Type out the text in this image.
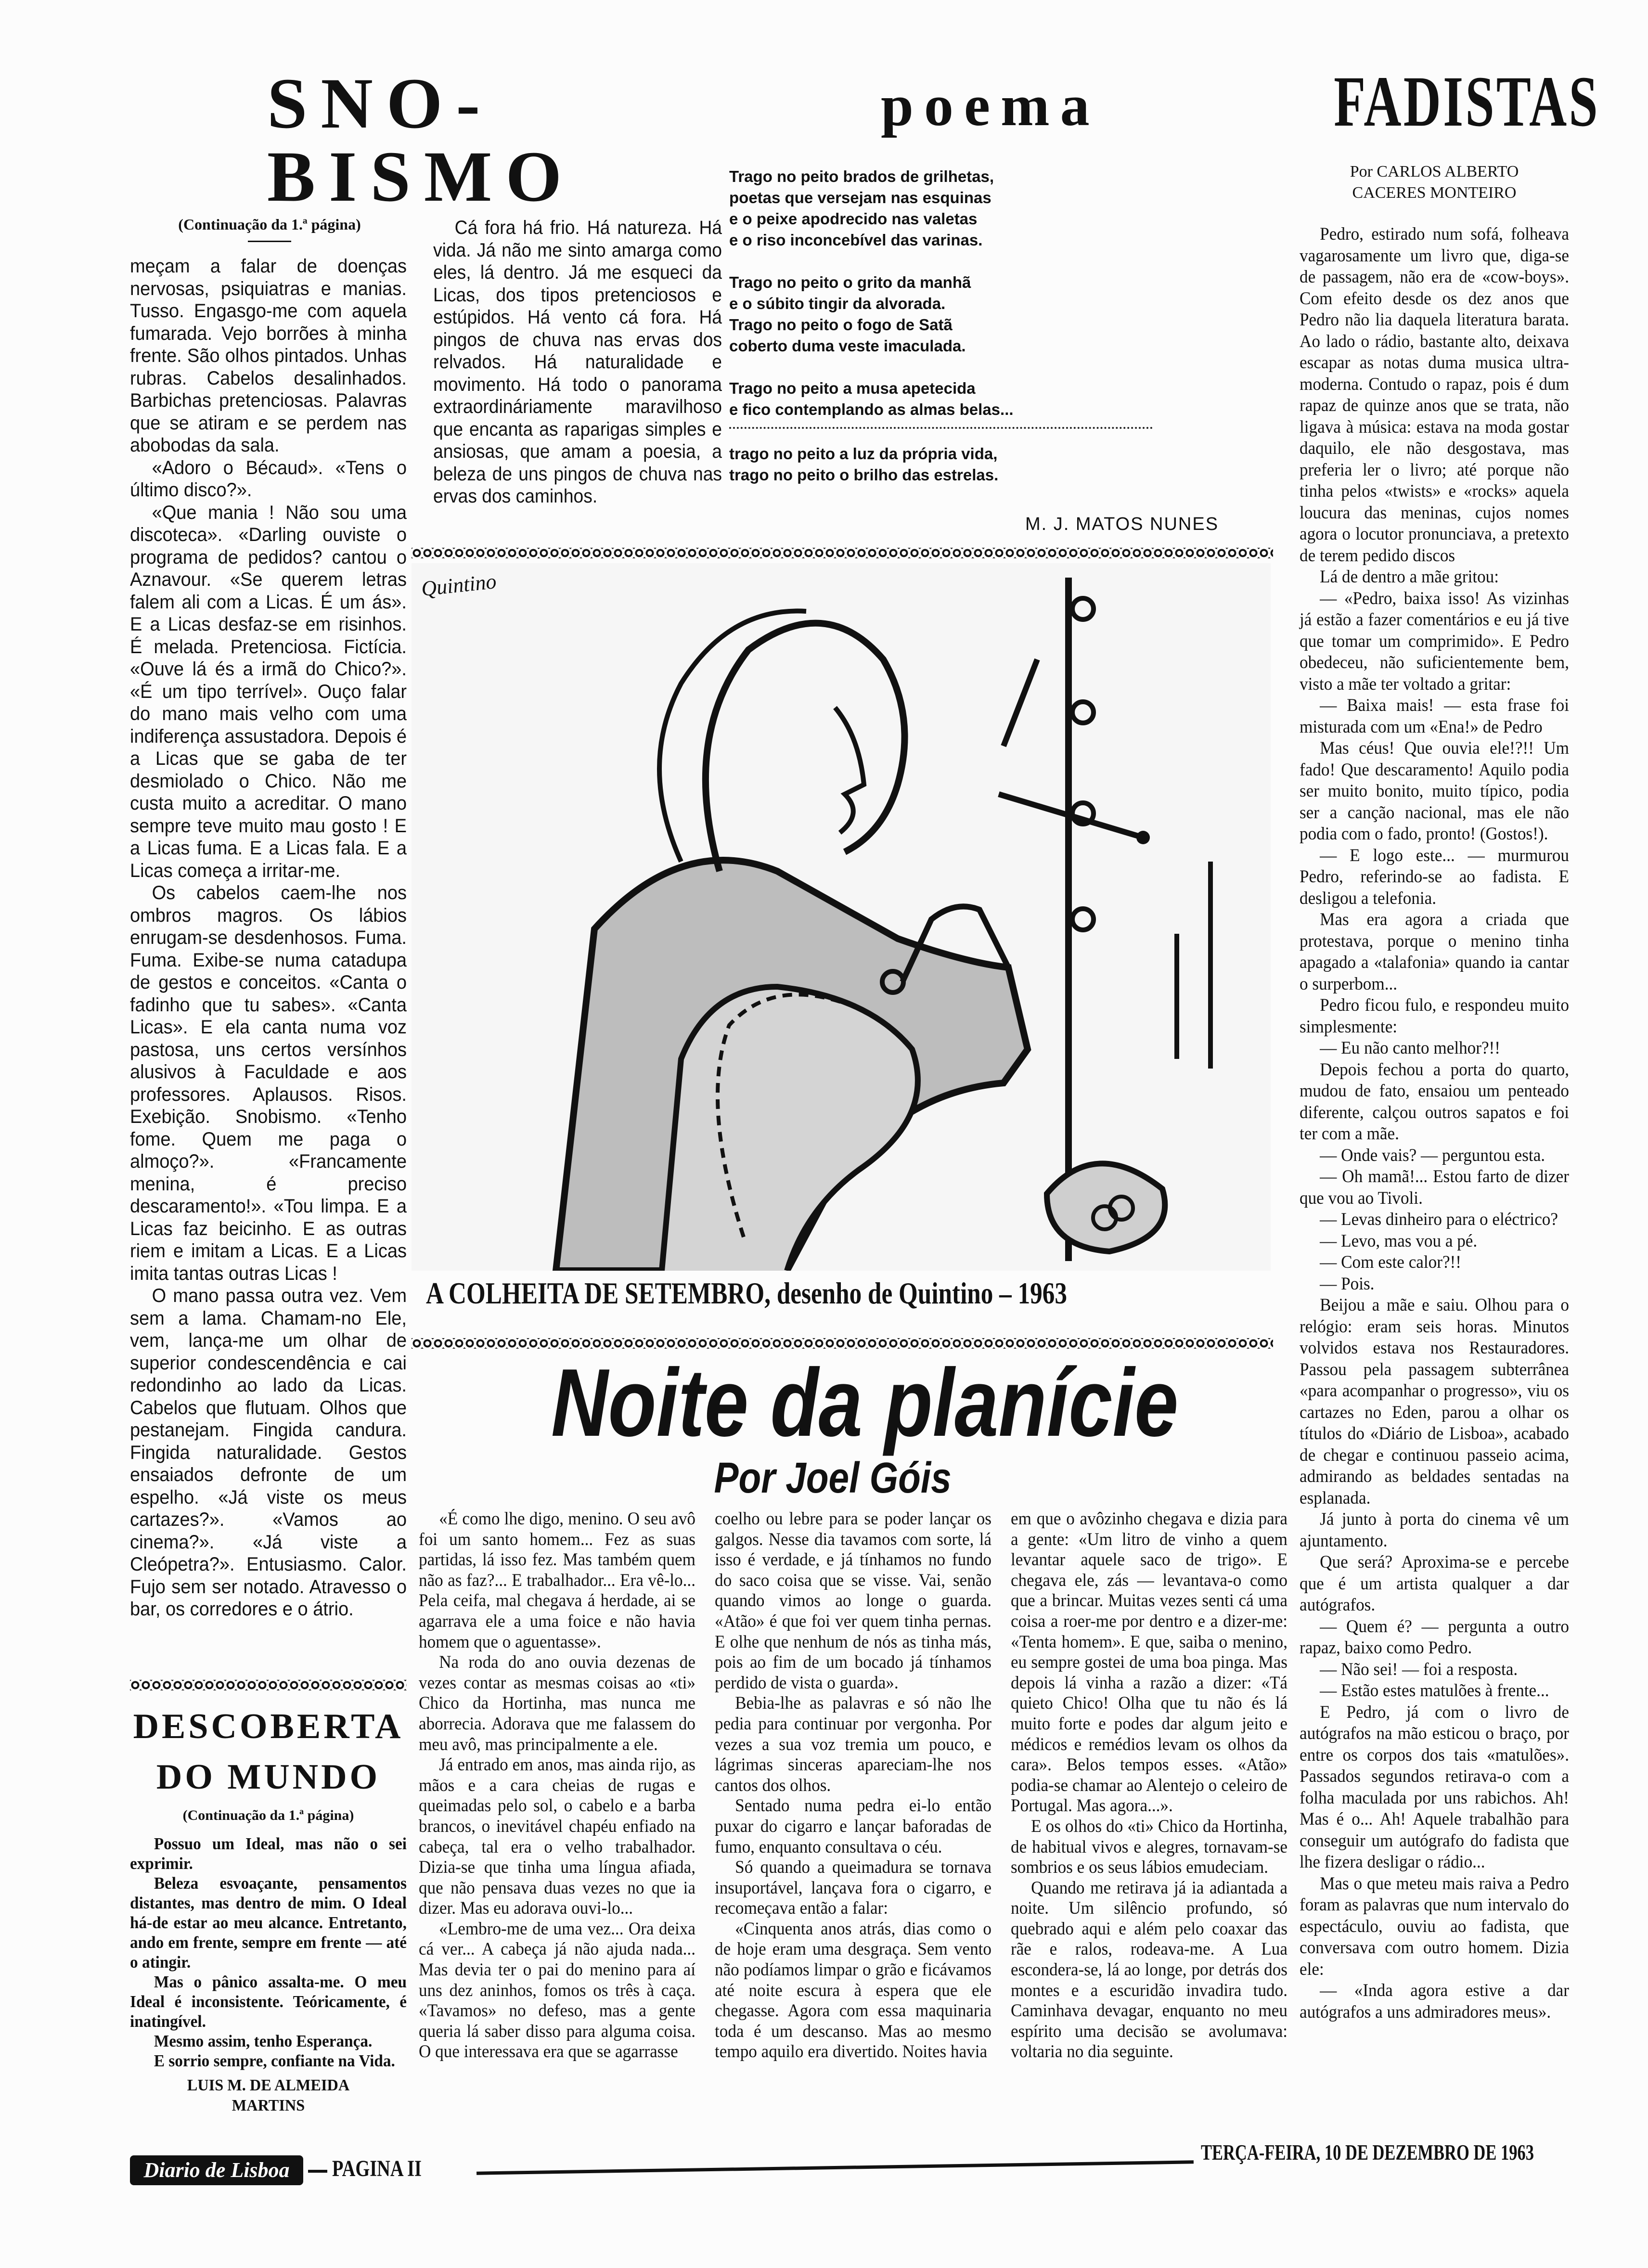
SNO-
BISMO
(Continuação da 1.ª página)

meçam a falar de doenças nervosas, psiquiatras e manias. Tusso. Engasgo-me com aquela fumarada. Vejo borrões à minha frente. São olhos pintados. Unhas rubras. Cabelos desalinhados. Barbichas pretenciosas. Palavras que se atiram e se perdem nas abobodas da sala.

«Adoro o Bécaud». «Tens o último disco?».

«Que mania ! Não sou uma discoteca». «Darling ouviste o programa de pedidos? cantou o Aznavour. «Se querem letras falem ali com a Licas. É um ás». E a Licas desfaz-se em risinhos. É melada. Pretenciosa. Fictícia. «Ouve lá és a irmã do Chico?». «É um tipo terrível». Ouço falar do mano mais velho com uma indiferença assustadora. Depois é a Licas que se gaba de ter desmiolado o Chico. Não me custa muito a acreditar. O mano sempre teve muito mau gosto ! E a Licas fuma. E a Licas fala. E a Licas começa a irritar-me.

Os cabelos caem-lhe nos ombros magros. Os lábios enrugam-se desdenhosos. Fuma. Fuma. Exibe-se numa catadupa de gestos e conceitos. «Canta o fadinho que tu sabes». «Canta Licas». E ela canta numa voz pastosa, uns certos versínhos alusivos à Faculdade e aos professores. Aplausos. Risos. Exebição. Snobismo. «Tenho fome. Quem me paga o almoço?». «Francamente menina, é preciso descaramento!». «Tou limpa. E a Licas faz beicinho. E as outras riem e imitam a Licas. E a Licas imita tantas outras Licas !

O mano passa outra vez. Vem sem a lama. Chamam-no Ele, vem, lança-me um olhar de superior condescendência e cai redondinho ao lado da Licas. Cabelos que flutuam. Olhos que pestanejam. Fingida candura. Fingida naturalidade. Gestos ensaiados defronte de um espelho. «Já viste os meus cartazes?». «Vamos ao cinema?». «Já viste a Cleópetra?». Entusiasmo. Calor. Fujo sem ser notado. Atravesso o bar, os corredores e o átrio.

Cá fora há frio. Há natureza. Há vida. Já não me sinto amarga como eles, lá dentro. Já me esqueci da Licas, dos tipos pretenciosos e estúpidos. Há vento cá fora. Há pingos de chuva nas ervas dos relvados. Há naturalidade e movimento. Há todo o panorama extraordináriamente maravilhoso que encanta as raparigas simples e ansiosas, que amam a poesia, a beleza de uns pingos de chuva nas ervas dos caminhos.

poema
Trago no peito brados de grilhetas,
poetas que versejam nas esquinas
e o peixe apodrecido nas valetas
e o riso inconcebível das varinas.
Trago no peito o grito da manhã
e o súbito tingir da alvorada.
Trago no peito o fogo de Satã
coberto duma veste imaculada.
Trago no peito a musa apetecida
e fico contemplando as almas belas...
trago no peito a luz da própria vida,
trago no peito o brilho das estrelas.
M. J. MATOS NUNES
Quintino
A COLHEITA DE SETEMBRO, desenho de Quintino – 1963
Noite da planície
Por Joel Góis

«É como lhe digo, menino. O seu avô foi um santo homem... Fez as suas partidas, lá isso fez. Mas também quem não as faz?... E trabalhador... Era vê-lo... Pela ceifa, mal chegava á herdade, ai se agarrava ele a uma foice e não havia homem que o aguentasse».

Na roda do ano ouvia dezenas de vezes contar as mesmas coisas ao «ti» Chico da Hortinha, mas nunca me aborrecia. Adorava que me falassem do meu avô, mas principalmente a ele.

Já entrado em anos, mas ainda rijo, as mãos e a cara cheias de rugas e queimadas pelo sol, o cabelo e a barba brancos, o inevitável chapéu enfiado na cabeça, tal era o velho trabalhador. Dizia-se que tinha uma língua afiada, que não pensava duas vezes no que ia dizer. Mas eu adorava ouvi-lo...

«Lembro-me de uma vez... Ora deixa cá ver... A cabeça já não ajuda nada... Mas devia ter o pai do menino para aí uns dez aninhos, fomos os três à caça. «Tavamos» no defeso, mas a gente queria lá saber disso para alguma coisa. O que interessava era que se agarrasse

coelho ou lebre para se poder lançar os galgos. Nesse dia tavamos com sorte, lá isso é verdade, e já tínhamos no fundo do saco coisa que se visse. Vai, senão quando vimos ao longe o guarda. «Atão» é que foi ver quem tinha pernas. E olhe que nenhum de nós as tinha más, pois ao fim de um bocado já tínhamos perdido de vista o guarda».

Bebia-lhe as palavras e só não lhe pedia para continuar por vergonha. Por vezes a sua voz tremia um pouco, e lágrimas sinceras apareciam-lhe nos cantos dos olhos.

Sentado numa pedra ei-lo então puxar do cigarro e lançar baforadas de fumo, enquanto consultava o céu.

Só quando a queimadura se tornava insuportável, lançava fora o cigarro, e recomeçava então a falar:

«Cinquenta anos atrás, dias como o de hoje eram uma desgraça. Sem vento não podíamos limpar o grão e ficávamos até noite escura à espera que ele chegasse. Agora com essa maquinaria toda é um descanso. Mas ao mesmo tempo aquilo era divertido. Noites havia

em que o avôzinho chegava e dizia para a gente: «Um litro de vinho a quem levantar aquele saco de trigo». E chegava ele, zás — levantava-o como que a brincar. Muitas vezes senti cá uma coisa a roer-me por dentro e a dizer-me: «Tenta homem». E que, saiba o menino, eu sempre gostei de uma boa pinga. Mas depois lá vinha a razão a dizer: «Tá quieto Chico! Olha que tu não és lá muito forte e podes dar algum jeito e médicos e remédios levam os olhos da cara». Belos tempos esses. «Atão» podia-se chamar ao Alentejo o celeiro de Portugal. Mas agora...».

E os olhos do «ti» Chico da Hortinha, de habitual vivos e alegres, tornavam-se sombrios e os seus lábios emudeciam.

Quando me retirava já ia adiantada a noite. Um silêncio profundo, só quebrado aqui e além pelo coaxar das rãe e ralos, rodeava-me. A Lua esconderа-se, lá ao longe, por detrás dos montes e a escuridão invadira tudo. Caminhava devagar, enquanto no meu espírito uma decisão se avolumava: voltaria no dia seguinte.

FADISTAS
Por CARLOS ALBERTO
CACERES MONTEIRO

Pedro, estirado num sofá, folheava vagarosamente um livro que, diga-se de passagem, não era de «cow-boys». Com efeito desde os dez anos que Pedro não lia daquela literatura barata. Ao lado o rádio, bastante alto, deixava escapar as notas duma musica ultra-moderna. Contudo o rapaz, pois é dum rapaz de quinze anos que se trata, não ligava à música: estava na moda gostar daquilo, ele não desgostava, mas preferia ler o livro; até porque não tinha pelos «twists» e «rocks» aquela loucura das meninas, cujos nomes agora o locutor pronunciava, a pretexto de terem pedido discos

Lá de dentro a mãe gritou:

— «Pedro, baixa isso! As vizinhas já estão a fazer comentários e eu já tive que tomar um comprimido». E Pedro obedeceu, não suficientemente bem, visto a mãe ter voltado a gritar:

— Baixa mais! — esta frase foi misturada com um «Ena!» de Pedro

Mas céus! Que ouvia ele!?!! Um fado! Que descaramento! Aquilo podia ser muito bonito, muito típico, podia ser a canção nacional, mas ele não podia com o fado, pronto! (Gostos!).

— E logo este... — murmurou Pedro, referindo-se ao fadista. E desligou a telefonia.

Mas era agora a criada que protestava, porque o menino tinha apagado a «talafonia» quando ia cantar o surperbom...

Pedro ficou fulo, e respondeu muito simplesmente:

— Eu não canto melhor?!!

Depois fechou a porta do quarto, mudou de fato, ensaiou um penteado diferente, calçou outros sapatos e foi ter com a mãe.

— Onde vais? — perguntou esta.

— Oh mamã!... Estou farto de dizer que vou ao Tivoli.

— Levas dinheiro para o eléctrico?

— Levo, mas vou a pé.

— Com este calor?!!

— Pois.

Beijou a mãe e saiu. Olhou para o relógio: eram seis horas. Minutos volvidos estava nos Restauradores. Passou pela passagem subterrânea «para acompanhar o progresso», viu os cartazes no Eden, parou a olhar os títulos do «Diário de Lisboa», acabado de chegar e continuou passeio acima, admirando as beldades sentadas na esplanada.

Já junto à porta do cinema vê um ajuntamento.

Que será? Aproxima-se e percebe que é um artista qualquer a dar autógrafos.

— Quem é? — pergunta a outro rapaz, baixo como Pedro.

— Não sei! — foi a resposta.

— Estão estes matulões à frente...

E Pedro, já com o livro de autógrafos na mão esticou o braço, por entre os corpos dos tais «matulões». Passados segundos retirava-o com a folha maculada por uns rabichos. Ah! Mas é o... Ah! Aquele trabalhão para conseguir um autógrafo do fadista que lhe fizera desligar o rádio...

Mas o que meteu mais raiva a Pedro foram as palavras que num intervalo do espectáculo, ouviu ao fadista, que conversava com outro homem. Dizia ele:

— «Inda agora estive a dar autógrafos a uns admiradores meus».

DESCOBERTA
DO MUNDO
(Continuação da 1.ª página)

Possuo um Ideal, mas não o sei exprimir.

Beleza esvoaçante, pensamentos distantes, mas dentro de mim. O Ideal há-de estar ao meu alcance. Entretanto, ando em frente, sempre em frente — até o atingir.

Mas o pânico assalta-me. O meu Ideal é inconsistente. Teóricamente, é inatingível.

Mesmo assim, tenho Esperança.

E sorrio sempre, confiante na Vida.

LUIS M. DE ALMEIDA
MARTINS
Diario de Lisboa	PAGINA II
TERÇA-FEIRA, 10 DE DEZEMBRO DE 1963
